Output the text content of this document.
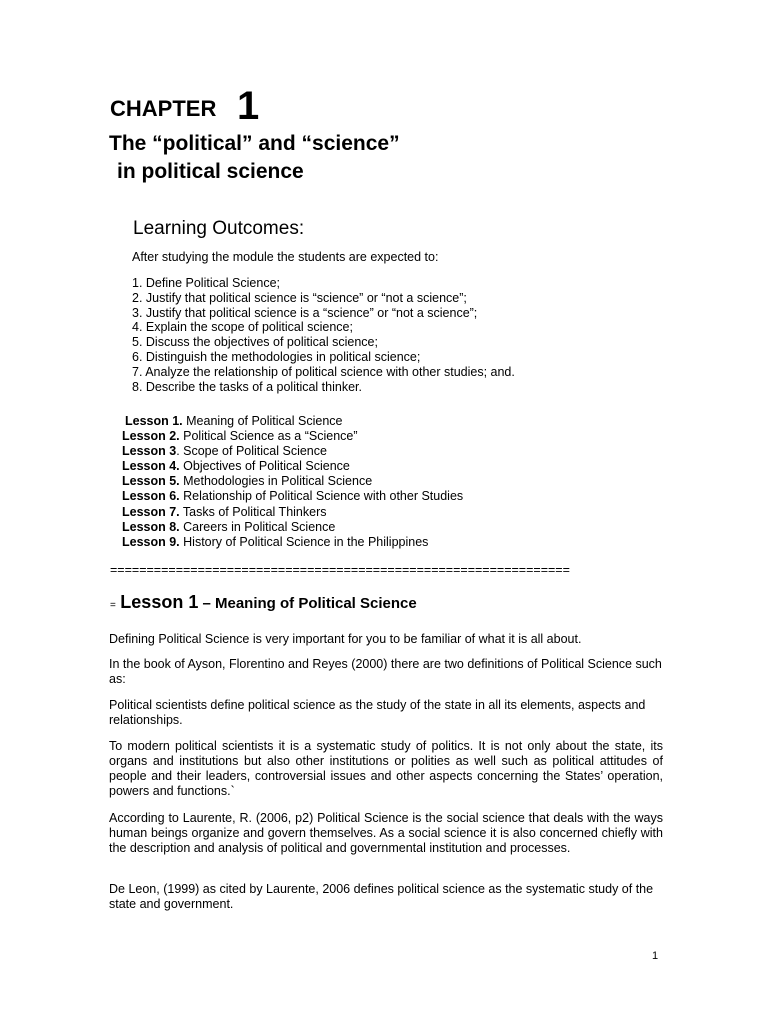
CHAPTER 1
The “political” and “science”
in political science
Learning Outcomes:
After studying the module the students are expected to:
1. Define Political Science;
2. Justify that political science is “science” or “not a science”;
3. Justify that political science is a “science” or “not a science”;
4. Explain the scope of political science;
5. Discuss the objectives of political science;
6. Distinguish the methodologies in political science;
7. Analyze the relationship of political science with other studies; and.
8. Describe the tasks of a political thinker.
Lesson 1. Meaning of Political Science
Lesson 2. Political Science as a “Science”
Lesson 3. Scope of Political Science
Lesson 4. Objectives of Political Science
Lesson 5. Methodologies in Political Science
Lesson 6. Relationship of Political Science with other Studies
Lesson 7. Tasks of Political Thinkers
Lesson 8. Careers in Political Science
Lesson 9. History of Political Science in the Philippines
===============================================================
= Lesson 1 – Meaning of Political Science

Defining Political Science is very important for you to be familiar of what it is all about.

In the book of Ayson, Florentino and Reyes (2000) there are two definitions of Political Science such as:

Political scientists define political science as the study of the state in all its elements, aspects and relationships.

To modern political scientists it is a systematic study of politics. It is not only about the state, its organs and institutions but also other institutions or polities as well such as political attitudes of people and their leaders, controversial issues and other aspects concerning the States’ operation, powers and functions.`

According to Laurente, R. (2006, p2) Political Science is the social science that deals with the ways human beings organize and govern themselves. As a social science it is also concerned chiefly with the description and analysis of political and governmental institution and processes.

De Leon, (1999) as cited by Laurente, 2006 defines political science as the systematic study of the state and government.

1
